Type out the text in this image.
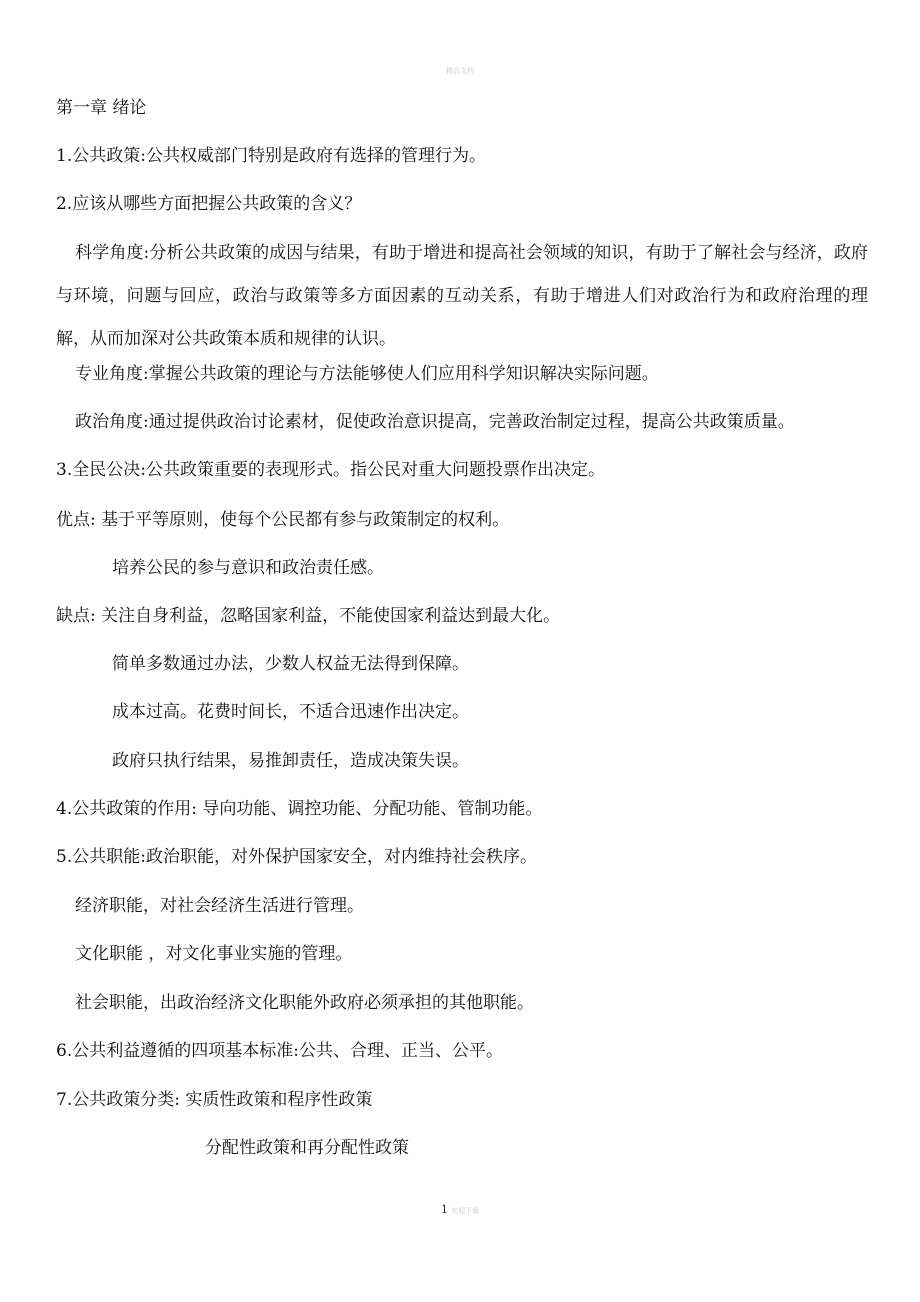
精品文档
第一章 绪论
1.公共政策:公共权威部门特别是政府有选择的管理行为。
2.应该从哪些方面把握公共政策的含义？
科学角度:分析公共政策的成因与结果，有助于增进和提高社会领域的知识，有助于了解社会与经济，政府与环境，问题与回应，政治与政策等多方面因素的互动关系，有助于增进人们对政治行为和政府治理的理解，从而加深对公共政策本质和规律的认识。
专业角度:掌握公共政策的理论与方法能够使人们应用科学知识解决实际问题。
政治角度:通过提供政治讨论素材，促使政治意识提高，完善政治制定过程，提高公共政策质量。
3.全民公决:公共政策重要的表现形式。指公民对重大问题投票作出决定。
优点: 基于平等原则，使每个公民都有参与政策制定的权利。
培养公民的参与意识和政治责任感。
缺点: 关注自身利益，忽略国家利益，不能使国家利益达到最大化。
简单多数通过办法，少数人权益无法得到保障。
成本过高。花费时间长，不适合迅速作出决定。
政府只执行结果，易推卸责任，造成决策失误。
4.公共政策的作用: 导向功能、调控功能、分配功能、管制功能。
5.公共职能:政治职能，对外保护国家安全，对内维持社会秩序。
经济职能，对社会经济生活进行管理。
文化职能 ，对文化事业实施的管理。
社会职能，出政治经济文化职能外政府必须承担的其他职能。
6.公共利益遵循的四项基本标准:公共、合理、正当、公平。
7.公共政策分类: 实质性政策和程序性政策
分配性政策和再分配性政策
1 欢迎下载
